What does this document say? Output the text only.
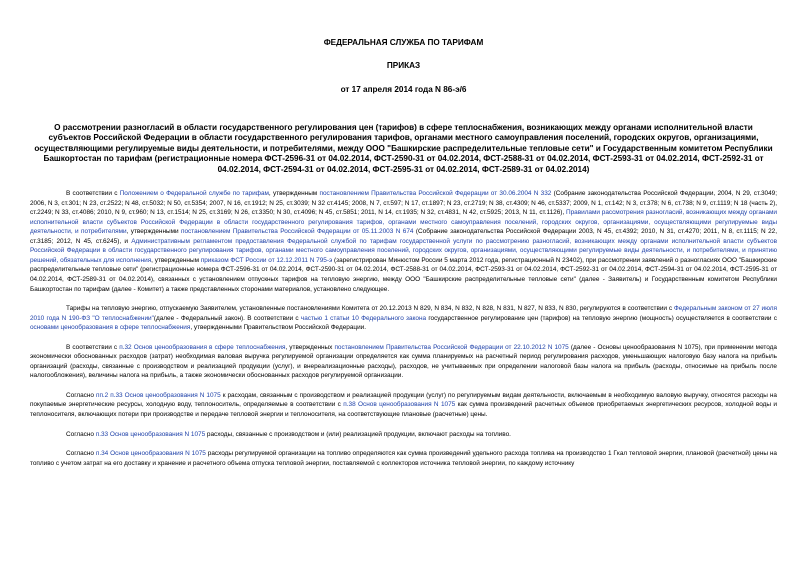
ФЕДЕРАЛЬНАЯ СЛУЖБА ПО ТАРИФАМ

ПРИКАЗ

от 17 апреля 2014 года N 86-э/6

О рассмотрении разногласий в области государственного регулирования цен (тарифов) в сфере теплоснабжения, возникающих между органами исполнительной власти субъектов Российской Федерации в области государственного регулирования тарифов, органами местного самоуправления поселений, городских округов, организациями, осуществляющими регулируемые виды деятельности, и потребителями, между ООО "Башкирские распределительные тепловые сети" и Государственным комитетом Республики Башкортостан по тарифам (регистрационные номера ФСТ-2596-31 от 04.02.2014, ФСТ-2590-31 от 04.02.2014, ФСТ-2588-31 от 04.02.2014, ФСТ-2593-31 от 04.02.2014, ФСТ-2592-31 от 04.02.2014, ФСТ-2594-31 от 04.02.2014, ФСТ-2595-31 от 04.02.2014, ФСТ-2589-31 от 04.02.2014)

В соответствии с Положением о Федеральной службе по тарифам, утвержденным постановлением Правительства Российской Федерации от 30.06.2004 N 332 (Собрание законодательства Российской Федерации, 2004, N 29, ст.3049; 2006, N 3, ст.301; N 23, ст.2522; N 48, ст.5032; N 50, ст.5354; 2007, N 16, ст.1912; N 25, ст.3039; N 32 ст.4145; 2008, N 7, ст.597; N 17, ст.1897; N 23, ст.2719; N 38, ст.4309; N 46, ст.5337; 2009, N 1, ст.142; N 3, ст.378; N 6, ст.738; N 9, ст.1119; N 18 (часть 2), ст.2249; N 33, ст.4086; 2010, N 9, ст.960; N 13, ст.1514; N 25, ст.3169; N 26, ст.3350; N 30, ст.4096; N 45, ст.5851; 2011, N 14, ст.1935; N 32, ст.4831, N 42, ст.5925; 2013, N 11, ст.1126), Правилами рассмотрения разногласий, возникающих между органами исполнительной власти субъектов Российской Федерации в области государственного регулирования тарифов, органами местного самоуправления поселений, городских округов, организациями, осуществляющими регулируемые виды деятельности, и потребителями, утвержденными постановлением Правительства Российской Федерации от 05.11.2003 N 674 (Собрание законодательства Российской Федерации 2003, N 45, ст.4392; 2010, N 31, ст.4270; 2011, N 8, ст.1115; N 22, ст.3185; 2012, N 45, ст.6245), и Административным регламентом предоставления Федеральной службой по тарифам государственной услуги по рассмотрению разногласий, возникающих между органами исполнительной власти субъектов Российской Федерации в области государственного регулирования тарифов, органами местного самоуправления поселений, городских округов, организациями, осуществляющими регулируемые виды деятельности, и потребителями, и принятию решений, обязательных для исполнения, утвержденным приказом ФСТ России от 12.12.2011 N 795-э (зарегистрирован Минюстом России 5 марта 2012 года, регистрационный N 23402), при рассмотрении заявлений о разногласиях ООО "Башкирские распределительные тепловые сети" (регистрационные номера ФСТ-2596-31 от 04.02.2014, ФСТ-2590-31 от 04.02.2014, ФСТ-2588-31 от 04.02.2014, ФСТ-2593-31 от 04.02.2014, ФСТ-2592-31 от 04.02.2014, ФСТ-2594-31 от 04.02.2014, ФСТ-2595-31 от 04.02.2014, ФСТ-2589-31 от 04.02.2014), связанных с установлением отпускных тарифов на тепловую энергию, между ООО "Башкирские распределительные тепловые сети" (далее - Заявитель) и Государственным комитетом Республики Башкортостан по тарифам (далее - Комитет) а также представленных сторонами материалов, установлено следующее.

Тарифы на тепловую энергию, отпускаемую Заявителем, установленные постановлениями Комитета от 20.12.2013 N 829, N 834, N 832, N 828, N 831, N 827, N 833, N 830, регулируются в соответствии с Федеральным законом от 27 июля 2010 года N 190-ФЗ "О теплоснабжении"(далее - Федеральный закон). В соответствии с частью 1 статьи 10 Федерального закона государственное регулирование цен (тарифов) на тепловую энергию (мощность) осуществляется в соответствии с основами ценообразования в сфере теплоснабжения, утвержденными Правительством Российской Федерации.

В соответствии с п.32 Основ ценообразования в сфере теплоснабжения, утвержденных постановлением Правительства Российской Федерации от 22.10.2012 N 1075 (далее - Основы ценообразования N 1075), при применении метода экономически обоснованных расходов (затрат) необходимая валовая выручка регулируемой организации определяется как сумма планируемых на расчетный период регулирования расходов, уменьшающих налоговую базу налога на прибыль организаций (расходы, связанные с производством и реализацией продукции (услуг), и внереализационные расходы), расходов, не учитываемых при определении налоговой базы налога на прибыль (расходы, относимые на прибыль после налогообложения), величины налога на прибыль, а также экономически обоснованных расходов регулируемой организации.

Согласно пп.2 п.33 Основ ценообразования N 1075 к расходам, связанным с производством и реализацией продукции (услуг) по регулируемым видам деятельности, включаемым в необходимую валовую выручку, относятся расходы на покупаемые энергетические ресурсы, холодную воду, теплоноситель, определяемые в соответствии с п.38 Основ ценообразования N 1075 как сумма произведений расчетных объемов приобретаемых энергетических ресурсов, холодной воды и теплоносителя, включающих потери при производстве и передаче тепловой энергии и теплоносителя, на соответствующие плановые (расчетные) цены.

Согласно п.33 Основ ценообразования N 1075 расходы, связанные с производством и (или) реализацией продукции, включают расходы на топливо.

Согласно п.34 Основ ценообразования N 1075 расходы регулируемой организации на топливо определяются как сумма произведений удельного расхода топлива на производство 1 Гкал тепловой энергии, плановой (расчетной) цены на топливо с учетом затрат на его доставку и хранение и расчетного объема отпуска тепловой энергии, поставляемой с коллекторов источника тепловой энергии, по каждому источнику
